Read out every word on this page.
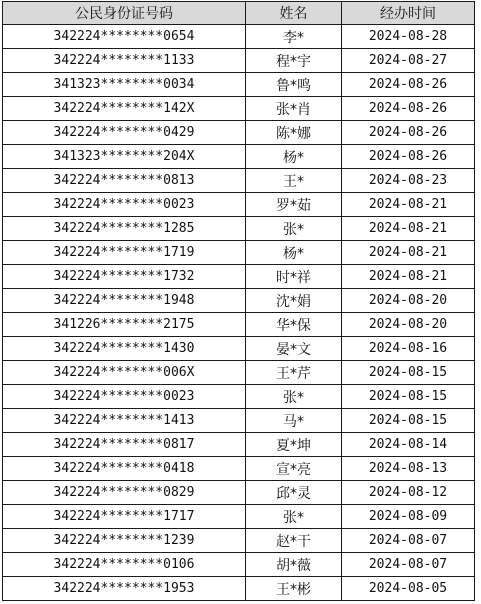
公民身份证号码	姓名	经办时间
342224********0654	李*	2024-08-28
342224********1133	程*宇	2024-08-27
341323********0034	鲁*鸣	2024-08-26
342224********142X	张*肖	2024-08-26
342224********0429	陈*娜	2024-08-26
341323********204X	杨*	2024-08-26
342224********0813	王*	2024-08-23
342224********0023	罗*茹	2024-08-21
342224********1285	张*	2024-08-21
342224********1719	杨*	2024-08-21
342224********1732	时*祥	2024-08-21
342224********1948	沈*娟	2024-08-20
341226********2175	华*保	2024-08-20
342224********1430	晏*文	2024-08-16
342224********006X	王*芹	2024-08-15
342224********0023	张*	2024-08-15
342224********1413	马*	2024-08-15
342224********0817	夏*坤	2024-08-14
342224********0418	宣*亮	2024-08-13
342224********0829	邱*灵	2024-08-12
342224********1717	张*	2024-08-09
342224********1239	赵*干	2024-08-07
342224********0106	胡*薇	2024-08-07
342224********1953	王*彬	2024-08-05
